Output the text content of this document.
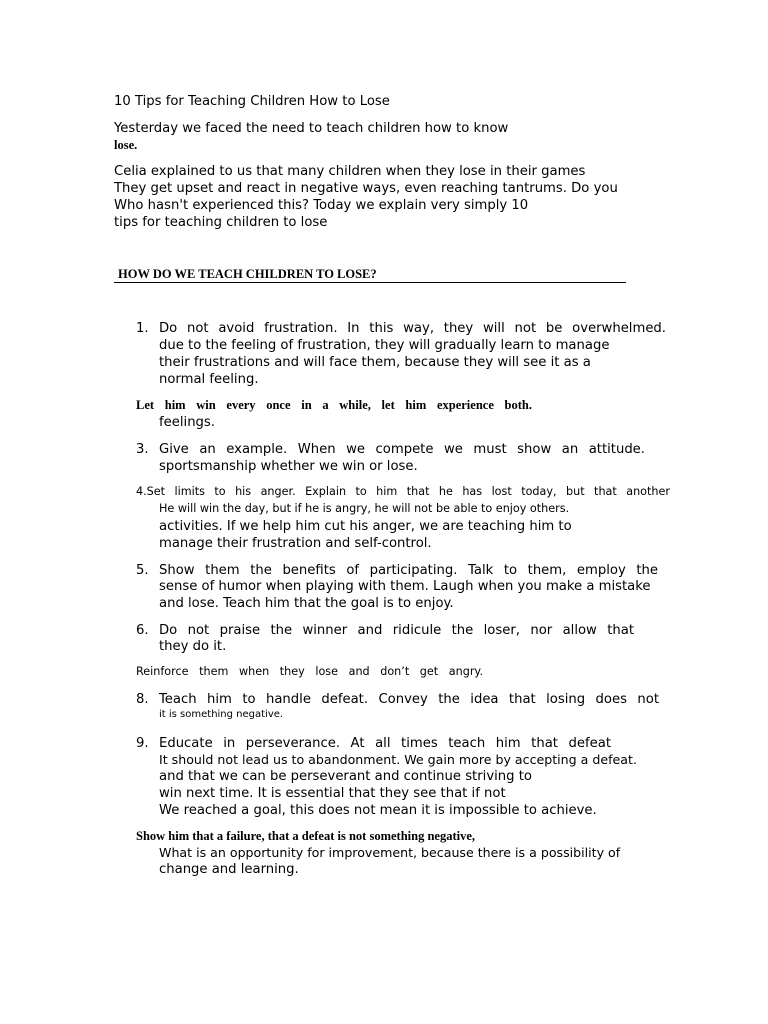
10 Tips for Teaching Children How to Lose
Yesterday we faced the need to teach children how to know
lose.
Celia explained to us that many children when they lose in their games
They get upset and react in negative ways, even reaching tantrums. Do you
Who hasn't experienced this? Today we explain very simply 10
tips for teaching children to lose
HOW DO WE TEACH CHILDREN TO LOSE?
1. Do not avoid frustration. In this way, they will not be overwhelmed.
due to the feeling of frustration, they will gradually learn to manage
their frustrations and will face them, because they will see it as a
normal feeling.
Let him win every once in a while, let him experience both.
feelings.
3. Give an example. When we compete we must show an attitude.
sportsmanship whether we win or lose.
4.Set limits to his anger. Explain to him that he has lost today, but that another
He will win the day, but if he is angry, he will not be able to enjoy others.
activities. If we help him cut his anger, we are teaching him to
manage their frustration and self-control.
5. Show them the benefits of participating. Talk to them, employ the
sense of humor when playing with them. Laugh when you make a mistake
and lose. Teach him that the goal is to enjoy.
6. Do not praise the winner and ridicule the loser, nor allow that
they do it.
Reinforce them when they lose and don’t get angry.
8. Teach him to handle defeat. Convey the idea that losing does not
it is something negative.
9. Educate in perseverance. At all times teach him that defeat
It should not lead us to abandonment. We gain more by accepting a defeat.
and that we can be perseverant and continue striving to
win next time. It is essential that they see that if not
We reached a goal, this does not mean it is impossible to achieve.
Show him that a failure, that a defeat is not something negative,
What is an opportunity for improvement, because there is a possibility of
change and learning.
